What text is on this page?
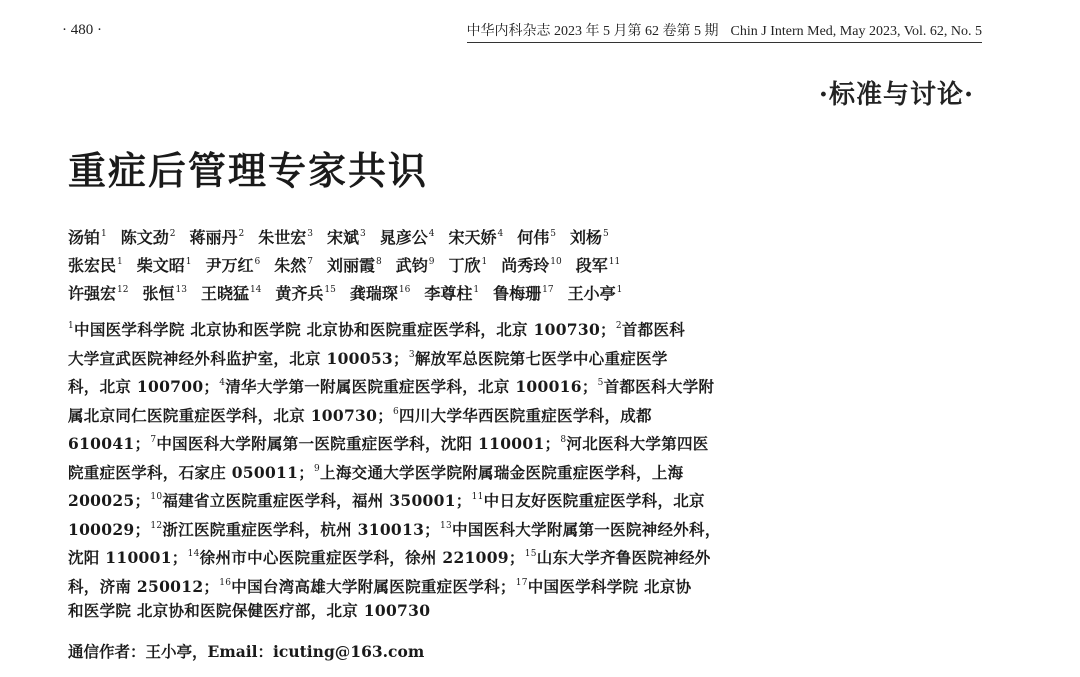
· 480 ·	中华内科杂志 2023 年 5 月第 62 卷第 5 期 Chin J Intern Med, May 2023, Vol. 62, No. 5
·标准与讨论·
重症后管理专家共识
汤铂$^1$ 陈文劲$^2$ 蒋丽丹$^2$ 朱世宏$^3$ 宋斌$^3$ 晁彦公$^4$ 宋天娇$^4$ 何伟$^5$ 刘杨$^5$
张宏民$^1$ 柴文昭$^1$ 尹万红$^6$ 朱然$^7$ 刘丽霞$^8$ 武钧$^9$ 丁欣$^1$ 尚秀玲$^{10}$ 段军$^{11}$
许强宏$^{12}$ 张恒$^{13}$ 王晓猛$^{14}$ 黄齐兵$^{15}$ 龚瑞琛$^{16}$ 李尊柱$^1$ 鲁梅珊$^{17}$ 王小亭$^1$
$^1$中国医学科学院 北京协和医学院 北京协和医院重症医学科，北京 100730；$^2$首都医科
大学宣武医院神经外科监护室，北京 100053；$^3$解放军总医院第七医学中心重症医学
科，北京 100700；$^4$清华大学第一附属医院重症医学科，北京 100016；$^5$首都医科大学附
属北京同仁医院重症医学科，北京 100730；$^6$四川大学华西医院重症医学科，成都
610041；$^7$中国医科大学附属第一医院重症医学科，沈阳 110001；$^8$河北医科大学第四医
院重症医学科，石家庄 050011；$^9$上海交通大学医学院附属瑞金医院重症医学科，上海
200025；$^{10}$福建省立医院重症医学科，福州 350001；$^{11}$中日友好医院重症医学科，北京
100029；$^{12}$浙江医院重症医学科，杭州 310013；$^{13}$中国医科大学附属第一医院神经外科，
沈阳 110001；$^{14}$徐州市中心医院重症医学科，徐州 221009；$^{15}$山东大学齐鲁医院神经外
科，济南 250012；$^{16}$中国台湾高雄大学附属医院重症医学科；$^{17}$中国医学科学院 北京协
和医学院 北京协和医院保健医疗部，北京 100730
通信作者：王小亭，Email：icuting@163.com
